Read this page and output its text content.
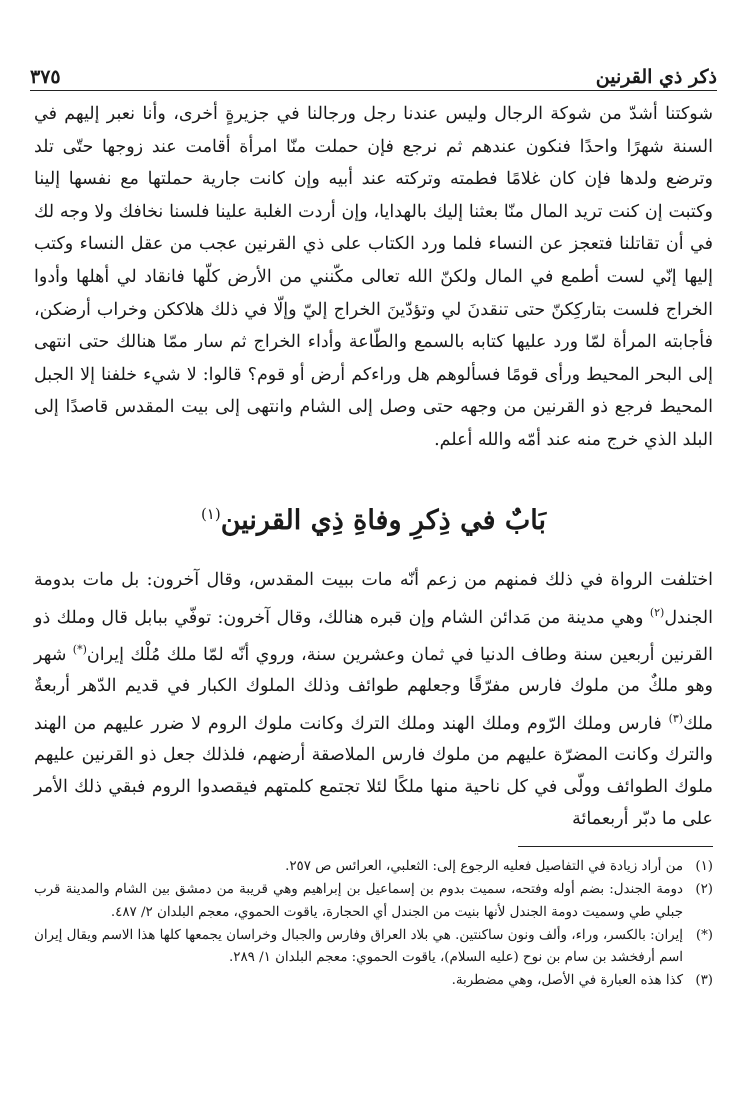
ذكر ذي القرنين
٣٧٥
شوكتنا أشدّ من شوكة الرجال وليس عندنا رجل ورجالنا في جزيرةٍ أخرى، وأنا نعبر إليهم في السنة شهرًا واحدًا فنكون عندهم ثم نرجع فإن حملت منّا امرأة أقامت عند زوجها حتّى تلد وترضع ولدها فإن كان غلامًا فطمته وتركته عند أبيه وإن كانت جارية حملتها مع نفسها إلينا وكتبت إن كنت تريد المال منّا بعثنا إليك بالهدايا، وإن أردت الغلبة علينا فلسنا نخافك ولا وجه لك في أن تقاتلنا فتعجز عن النساء فلما ورد الكتاب على ذي القرنين عجب من عقل النساء وكتب إليها إنّي لست أطمع في المال ولكنّ الله تعالى مكّنني من الأرض كلّها فانقاد لي أهلها وأدوا الخراج فلست بتاركِكنّ حتى تنقدنَ لي وتؤدّينَ الخراج إليّ وإلّا في ذلك هلاككن وخراب أرضكن، فأجابته المرأة لمّا ورد عليها كتابه بالسمع والطّاعة وأداء الخراج ثم سار ممّا هنالك حتى انتهى إلى البحر المحيط ورأى قومًا فسألوهم هل وراءكم أرض أو قوم؟ قالوا: لا شيء خلفنا إلا الجبل المحيط فرجع ذو القرنين من وجهه حتى وصل إلى الشام وانتهى إلى بيت المقدس قاصدًا إلى البلد الذي خرج منه عند أمّه والله أعلم.
بَابٌ في ذِكرِ وفاةِ ذِي القرنين$^{(١)}$
اختلفت الرواة في ذلك فمنهم من زعم أنّه مات ببيت المقدس، وقال آخرون: بل مات بدومة الجندل$^{(٢)}$ وهي مدينة من مَدائن الشام وإن قبره هنالك، وقال آخرون: توفّي ببابل قال وملك ذو القرنين أربعين سنة وطاف الدنيا في ثمان وعشرين سنة، وروي أنّه لمّا ملك مُلْك إيران(*) شهر وهو ملكٌ من ملوك فارس مفرّقًا وجعلهم طوائف وذلك الملوك الكبار في قديم الدّهر أربعةٌ ملك$^{(٣)}$ فارس وملك الرّوم وملك الهند وملك الترك وكانت ملوك الروم لا ضرر عليهم من الهند والترك وكانت المضرّة عليهم من ملوك فارس الملاصقة أرضهم، فلذلك جعل ذو القرنين عليهم ملوك الطوائف وولّى في كل ناحية منها ملكًا لئلا تجتمع كلمتهم فيقصدوا الروم فبقي ذلك الأمر على ما دبّر أربعمائة
(١)
من أراد زيادة في التفاصيل فعليه الرجوع إلى: الثعلبي، العرائس ص ٢٥٧.
(٢)
دومة الجندل: بضم أوله وفتحه، سميت بدوم بن إسماعيل بن إبراهيم وهي قريبة من دمشق بين الشام والمدينة قرب جبلي طي وسميت دومة الجندل لأنها بنيت من الجندل أي الحجارة، ياقوت الحموي، معجم البلدان ٢/ ٤٨٧.
(*)
إيران: بالكسر، وراء، وألف ونون ساكنتين. هي بلاد العراق وفارس والجبال وخراسان يجمعها كلها هذا الاسم ويقال إيران اسم أرفخشد بن سام بن نوح (عليه السلام)، ياقوت الحموي: معجم البلدان ١/ ٢٨٩.
(٣)
كذا هذه العبارة في الأصل، وهي مضطربة.
